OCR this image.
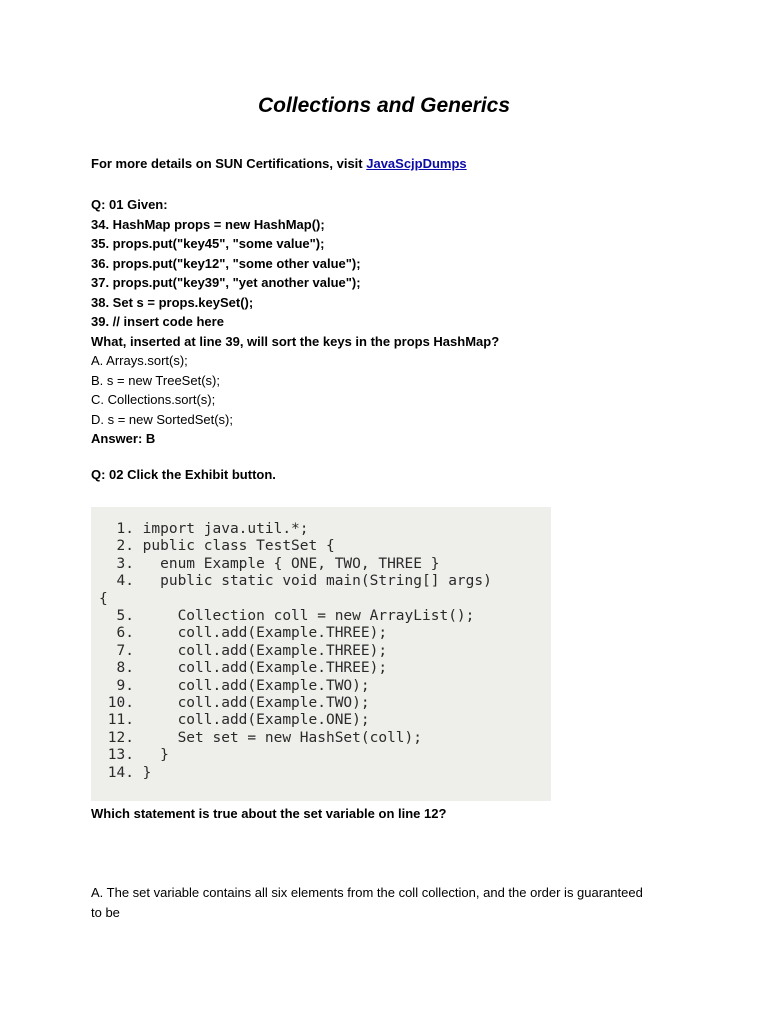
Collections and Generics
For more details on SUN Certifications, visit JavaScjpDumps
Q: 01 Given:
34. HashMap props = new HashMap();
35. props.put("key45", "some value");
36. props.put("key12", "some other value");
37. props.put("key39", "yet another value");
38. Set s = props.keySet();
39. // insert code here
What, inserted at line 39, will sort the keys in the props HashMap?
A. Arrays.sort(s);
B. s = new TreeSet(s);
C. Collections.sort(s);
D. s = new SortedSet(s);
Answer: B
Q: 02 Click the Exhibit button.
1. import java.util.*;
2. public class TestSet {
3.   enum Example { ONE, TWO, THREE }
4.   public static void main(String[] args)
{
5.     Collection coll = new ArrayList();
6.     coll.add(Example.THREE);
7.     coll.add(Example.THREE);
8.     coll.add(Example.THREE);
9.     coll.add(Example.TWO);
10.     coll.add(Example.TWO);
11.     coll.add(Example.ONE);
12.     Set set = new HashSet(coll);
13.   }
14. }
Which statement is true about the set variable on line 12?
A. The set variable contains all six elements from the coll collection, and the order is guaranteed to be
